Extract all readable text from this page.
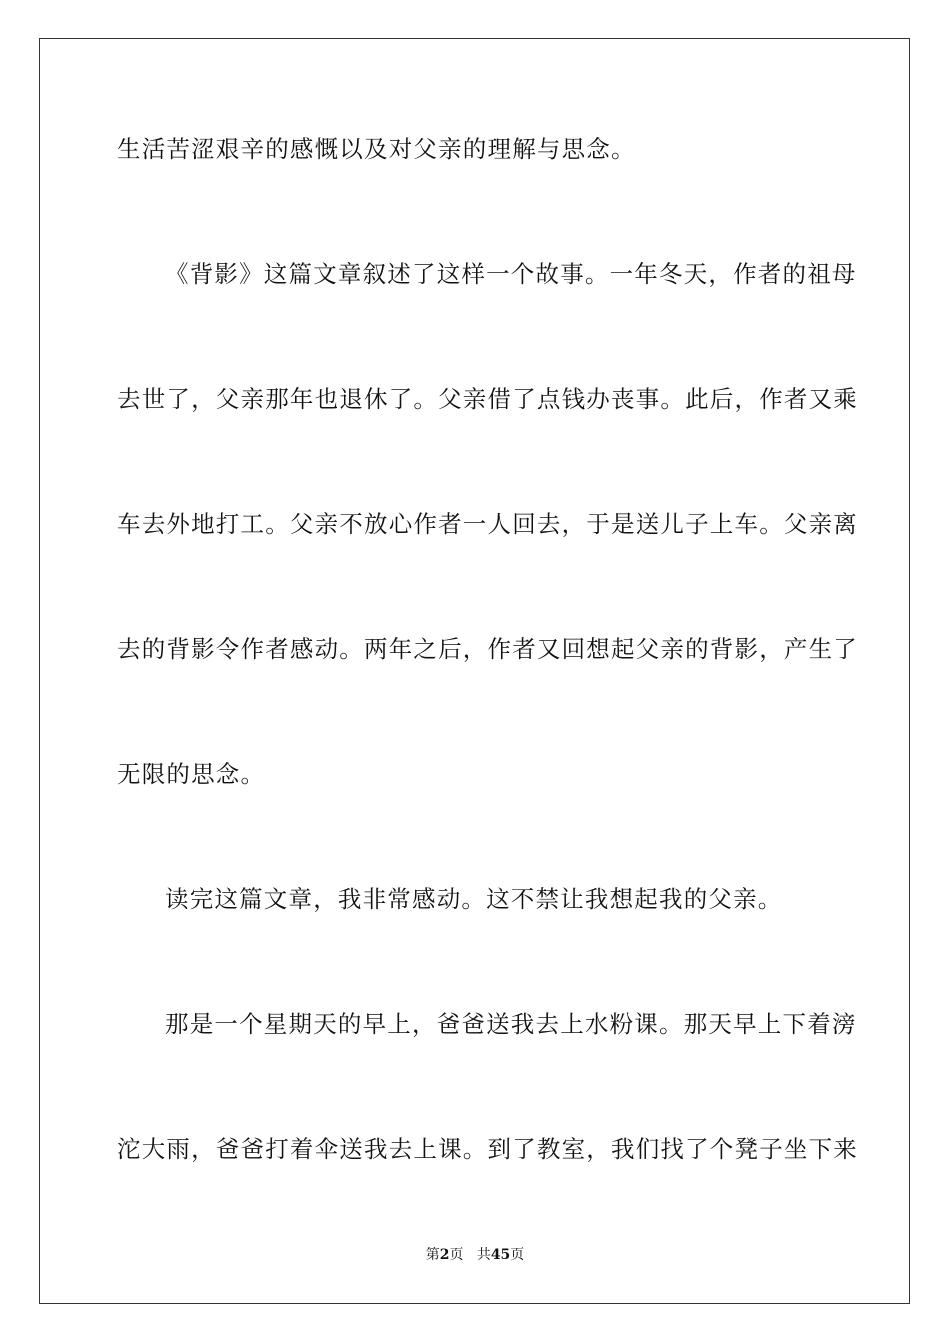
生活苦涩艰辛的感慨以及对父亲的理解与思念。
《背影》这篇文章叙述了这样一个故事。一年冬天，作者的祖母
去世了，父亲那年也退休了。父亲借了点钱办丧事。此后，作者又乘
车去外地打工。父亲不放心作者一人回去，于是送儿子上车。父亲离
去的背影令作者感动。两年之后，作者又回想起父亲的背影，产生了
无限的思念。
读完这篇文章，我非常感动。这不禁让我想起我的父亲。
那是一个星期天的早上，爸爸送我去上水粉课。那天早上下着滂
沱大雨，爸爸打着伞送我去上课。到了教室，我们找了个凳子坐下来
第2页 共45页
